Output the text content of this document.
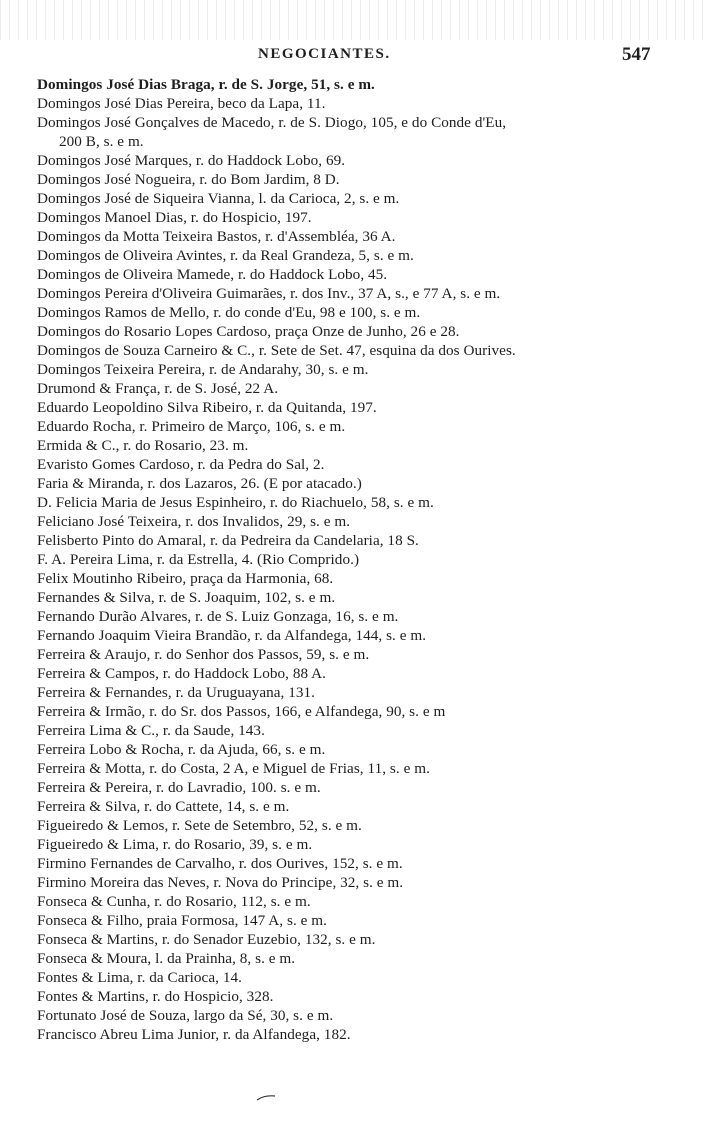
NEGOCIANTES.	547
Domingos José Dias Braga, r. de S. Jorge, 51, s. e m.
Domingos José Dias Pereira, beco da Lapa, 11.
Domingos José Gonçalves de Macedo, r. de S. Diogo, 105, e do Conde d'Eu,
200 B, s. e m.
Domingos José Marques, r. do Haddock Lobo, 69.
Domingos José Nogueira, r. do Bom Jardim, 8 D.
Domingos José de Siqueira Vianna, l. da Carioca, 2, s. e m.
Domingos Manoel Dias, r. do Hospicio, 197.
Domingos da Motta Teixeira Bastos, r. d'Assembléa, 36 A.
Domingos de Oliveira Avintes, r. da Real Grandeza, 5, s. e m.
Domingos de Oliveira Mamede, r. do Haddock Lobo, 45.
Domingos Pereira d'Oliveira Guimarães, r. dos Inv., 37 A, s., e 77 A, s. e m.
Domingos Ramos de Mello, r. do conde d'Eu, 98 e 100, s. e m.
Domingos do Rosario Lopes Cardoso, praça Onze de Junho, 26 e 28.
Domingos de Souza Carneiro & C., r. Sete de Set. 47, esquina da dos Ourives.
Domingos Teixeira Pereira, r. de Andarahy, 30, s. e m.
Drumond & França, r. de S. José, 22 A.
Eduardo Leopoldino Silva Ribeiro, r. da Quitanda, 197.
Eduardo Rocha, r. Primeiro de Março, 106, s. e m.
Ermida & C., r. do Rosario, 23. m.
Evaristo Gomes Cardoso, r. da Pedra do Sal, 2.
Faria & Miranda, r. dos Lazaros, 26. (E por atacado.)
D. Felicia Maria de Jesus Espinheiro, r. do Riachuelo, 58, s. e m.
Feliciano José Teixeira, r. dos Invalidos, 29, s. e m.
Felisberto Pinto do Amaral, r. da Pedreira da Candelaria, 18 S.
F. A. Pereira Lima, r. da Estrella, 4. (Rio Comprido.)
Felix Moutinho Ribeiro, praça da Harmonia, 68.
Fernandes & Silva, r. de S. Joaquim, 102, s. e m.
Fernando Durão Alvares, r. de S. Luiz Gonzaga, 16, s. e m.
Fernando Joaquim Vieira Brandão, r. da Alfandega, 144, s. e m.
Ferreira & Araujo, r. do Senhor dos Passos, 59, s. e m.
Ferreira & Campos, r. do Haddock Lobo, 88 A.
Ferreira & Fernandes, r. da Uruguayana, 131.
Ferreira & Irmão, r. do Sr. dos Passos, 166, e Alfandega, 90, s. e m
Ferreira Lima & C., r. da Saude, 143.
Ferreira Lobo & Rocha, r. da Ajuda, 66, s. e m.
Ferreira & Motta, r. do Costa, 2 A, e Miguel de Frias, 11, s. e m.
Ferreira & Pereira, r. do Lavradio, 100. s. e m.
Ferreira & Silva, r. do Cattete, 14, s. e m.
Figueiredo & Lemos, r. Sete de Setembro, 52, s. e m.
Figueiredo & Lima, r. do Rosario, 39, s. e m.
Firmino Fernandes de Carvalho, r. dos Ourives, 152, s. e m.
Firmino Moreira das Neves, r. Nova do Principe, 32, s. e m.
Fonseca & Cunha, r. do Rosario, 112, s. e m.
Fonseca & Filho, praia Formosa, 147 A, s. e m.
Fonseca & Martins, r. do Senador Euzebio, 132, s. e m.
Fonseca & Moura, l. da Prainha, 8, s. e m.
Fontes & Lima, r. da Carioca, 14.
Fontes & Martins, r. do Hospicio, 328.
Fortunato José de Souza, largo da Sé, 30, s. e m.
Francisco Abreu Lima Junior, r. da Alfandega, 182.
